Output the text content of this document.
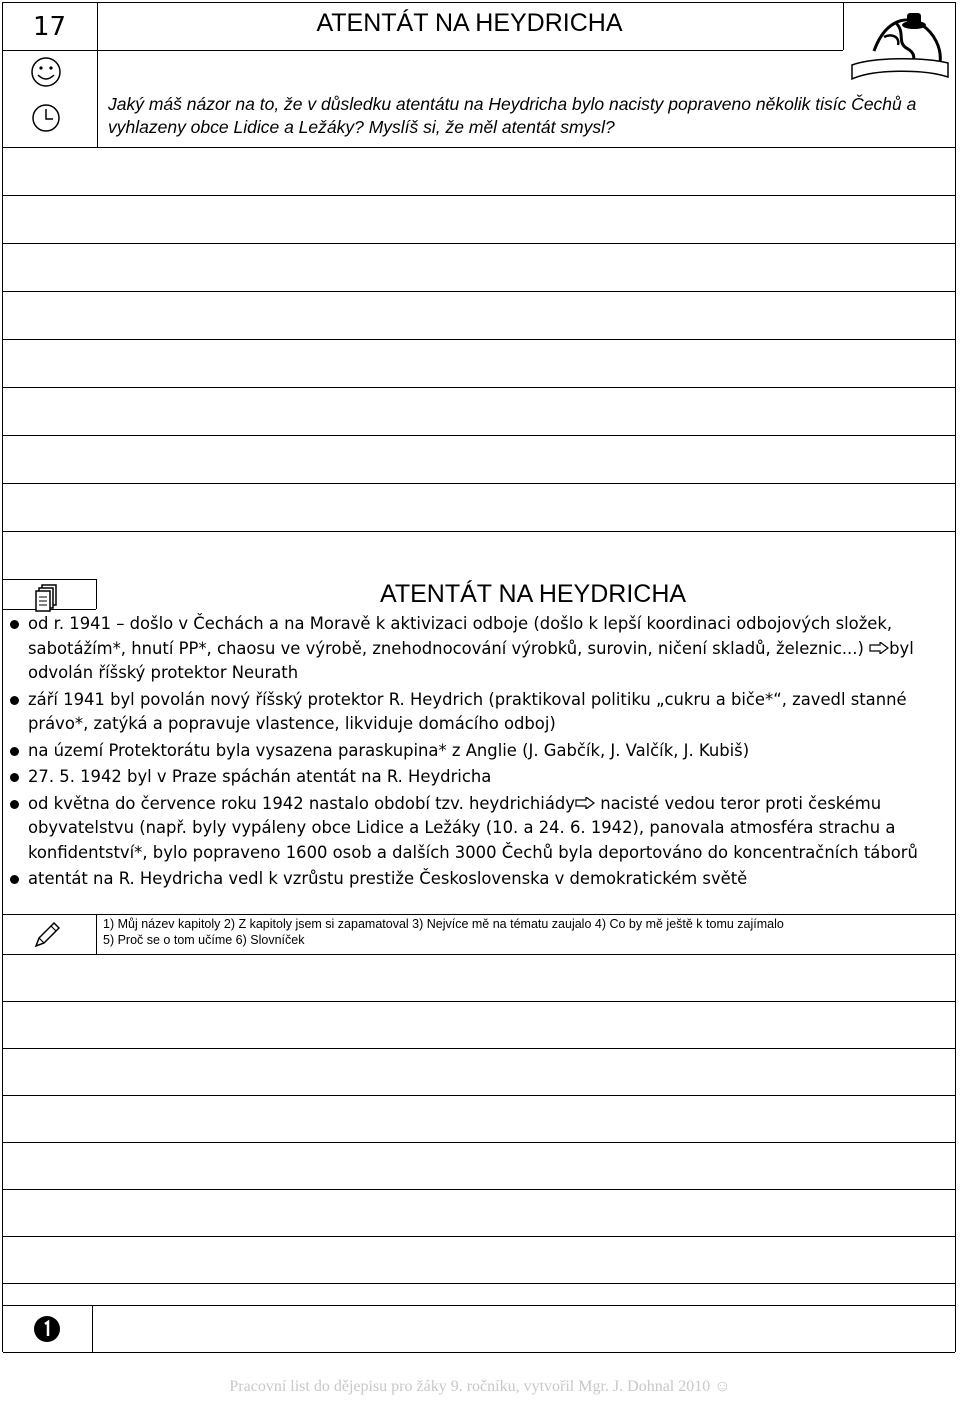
17	ATENTÁT NA HEYDRICHA
Jaký máš názor na to, že v důsledku atentátu na Heydricha bylo nacisty popraveno několik tisíc Čechů a vyhlazeny obce Lidice a Ležáky? Myslíš si, že měl atentát smysl?
ATENTÁT NA HEYDRICHA
od r. 1941 – došlo v Čechách a na Moravě k aktivizaci odboje (došlo k lepší koordinaci odbojových složek, sabotážím*, hnutí PP*, chaosu ve výrobě, znehodnocování výrobků, surovin, ničení skladů, železnic...) byl odvolán říšský protektor Neurath
září 1941 byl povolán nový říšský protektor R. Heydrich (praktikoval politiku „cukru a biče*“, zavedl stanné právo*, zatýká a popravuje vlastence, likviduje domácího odboj)
na území Protektorátu byla vysazena paraskupina* z Anglie (J. Gabčík, J. Valčík, J. Kubiš)
27. 5. 1942 byl v Praze spáchán atentát na R. Heydricha
od května do července roku 1942 nastalo období tzv. heydrichiády nacisté vedou teror proti českému obyvatelstvu (např. byly vypáleny obce Lidice a Ležáky (10. a 24. 6. 1942), panovala atmosféra strachu a konfidentství*, bylo popraveno 1600 osob a dalších 3000 Čechů byla deportováno do koncentračních táborů
atentát na R. Heydricha vedl k vzrůstu prestiže Československa v demokratickém světě
1) Můj název kapitoly 2) Z kapitoly jsem si zapamatoval 3) Nejvíce mě na tématu zaujalo 4) Co by mě ještě k tomu zajímalo
5) Proč se o tom učíme 6) Slovníček
Pracovní list do dějepisu pro žáky 9. ročníku, vytvořil Mgr. J. Dohnal 2010 ☺
